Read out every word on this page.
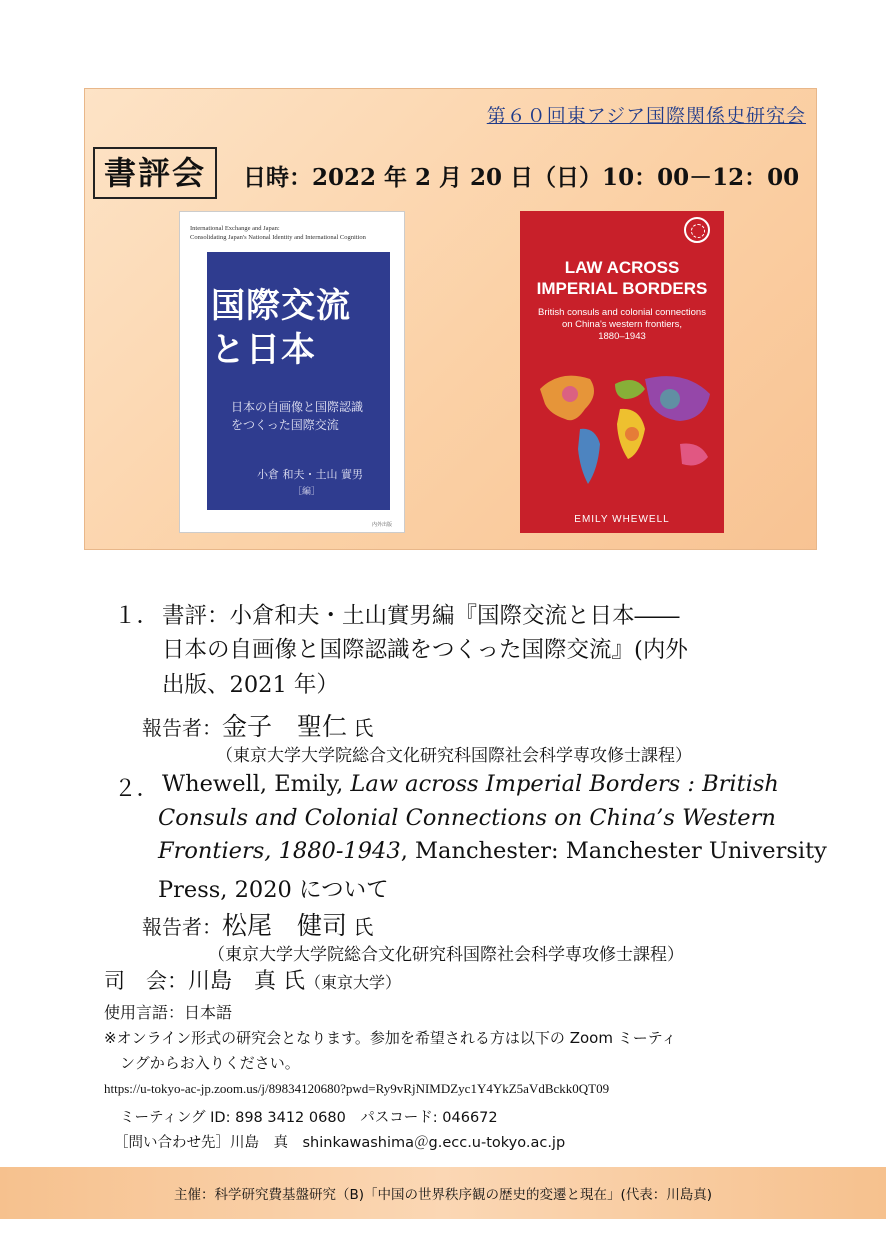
第６０回東アジア国際関係史研究会
書評会	日時：2022 年 2 月 20 日（日）10：00－12：00
International Exchange and Japan:
Consolidating Japan's National Identity and International Cognition
国際交流
と日本
日本の自画像と国際認識
をつくった国際交流
小倉 和夫・土山 實男
［編］
内外出版
LAW ACROSS
IMPERIAL BORDERS
British consuls and colonial connections
on China's western frontiers,
1880–1943
EMILY WHEWELL
１． 書評：小倉和夫・土山實男編『国際交流と日本――
日本の自画像と国際認識をつくった国際交流』(内外
出版、2021 年）
報告者：金子　聖仁 氏
（東京大学大学院総合文化研究科国際社会科学専攻修士課程）
２． Whewell, Emily, Law across Imperial Borders : British
Consuls and Colonial Connections on China’s Western
Frontiers, 1880-1943, Manchester: Manchester University
Press, 2020 について
報告者：松尾　健司 氏
（東京大学大学院総合文化研究科国際社会科学専攻修士課程）
司　会：川島　真 氏（東京大学）
使用言語：日本語
※オンライン形式の研究会となります。参加を希望される方は以下の Zoom ミーティ
ングからお入りください。
https://u-tokyo-ac-jp.zoom.us/j/89834120680?pwd=Ry9vRjNIMDZyc1Y4YkZ5aVdBckk0QT09
ミーティング ID: 898 3412 0680　パスコード: 046672
［問い合わせ先］川島　真　shinkawashima＠g.ecc.u-tokyo.ac.jp
主催：科学研究費基盤研究（B)「中国の世界秩序観の歴史的変遷と現在」(代表：川島真)
